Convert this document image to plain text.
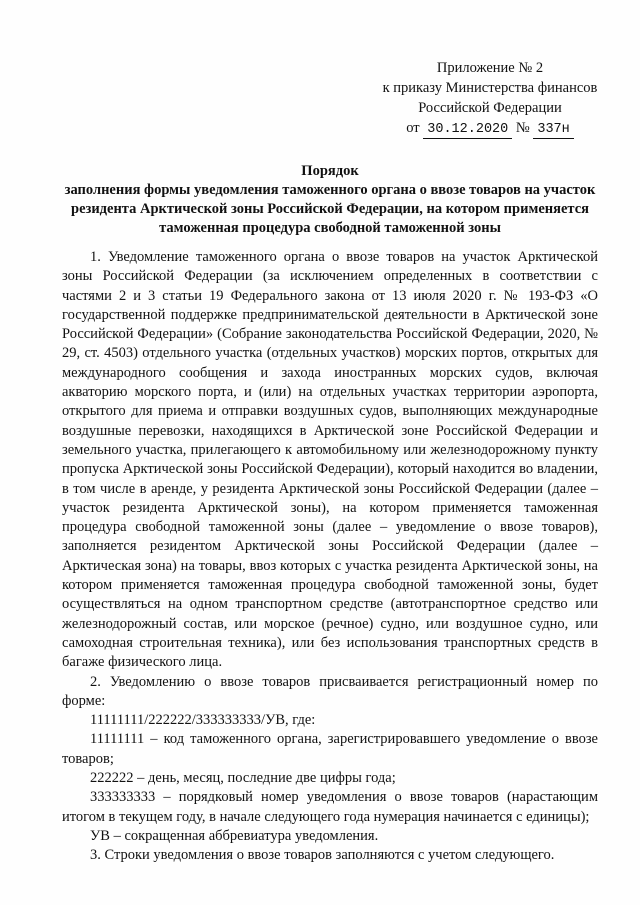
Приложение № 2
к приказу Министерства финансов
Российской Федерации
от 30.12.2020 № 337н
Порядок
заполнения формы уведомления таможенного органа о ввозе товаров на участок резидента Арктической зоны Российской Федерации, на котором применяется таможенная процедура свободной таможенной зоны

1. Уведомление таможенного органа о ввозе товаров на участок Арктической зоны Российской Федерации (за исключением определенных в соответствии с частями 2 и 3 статьи 19 Федерального закона от 13 июля 2020 г. № 193-ФЗ «О государственной поддержке предпринимательской деятельности в Арктической зоне Российской Федерации» (Собрание законодательства Российской Федерации, 2020, № 29, ст. 4503) отдельного участка (отдельных участков) морских портов, открытых для международного сообщения и захода иностранных морских судов, включая акваторию морского порта, и (или) на отдельных участках территории аэропорта, открытого для приема и отправки воздушных судов, выполняющих международные воздушные перевозки, находящихся в Арктической зоне Российской Федерации и земельного участка, прилегающего к автомобильному или железнодорожному пункту пропуска Арктической зоны Российской Федерации), который находится во владении, в том числе в аренде, у резидента Арктической зоны Российской Федерации (далее – участок резидента Арктической зоны), на котором применяется таможенная процедура свободной таможенной зоны (далее – уведомление о ввозе товаров), заполняется резидентом Арктической зоны Российской Федерации (далее – Арктическая зона) на товары, ввоз которых с участка резидента Арктической зоны, на котором применяется таможенная процедура свободной таможенной зоны, будет осуществляться на одном транспортном средстве (автотранспортное средство или железнодорожный состав, или морское (речное) судно, или воздушное судно, или самоходная строительная техника), или без использования транспортных средств в багаже физического лица.

2. Уведомлению о ввозе товаров присваивается регистрационный номер по форме:

11111111/222222/333333333/УВ, где:

11111111 – код таможенного органа, зарегистрировавшего уведомление о ввозе товаров;

222222 – день, месяц, последние две цифры года;

333333333 – порядковый номер уведомления о ввозе товаров (нарастающим итогом в текущем году, в начале следующего года нумерация начинается с единицы);

УВ – сокращенная аббревиатура уведомления.

3. Строки уведомления о ввозе товаров заполняются с учетом следующего.
